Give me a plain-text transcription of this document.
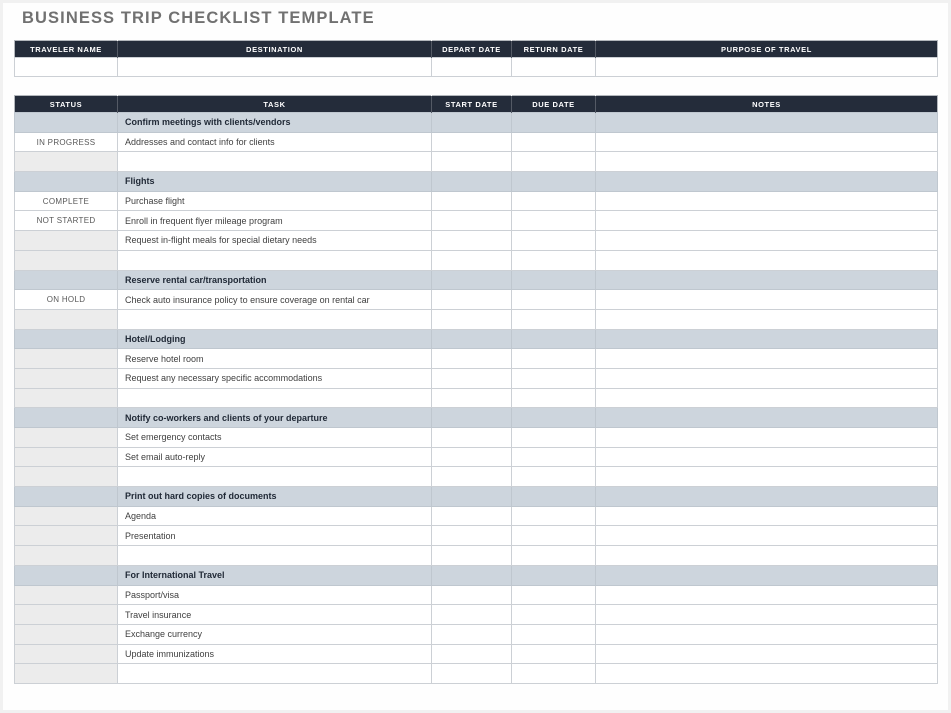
BUSINESS TRIP CHECKLIST TEMPLATE
TRAVELER NAME	DESTINATION	DEPART DATE	RETURN DATE	PURPOSE OF TRAVEL

STATUS	TASK	START DATE	DUE DATE	NOTES
	Confirm meetings with clients/vendors			
IN PROGRESS	Addresses and contact info for clients			

	Flights			
COMPLETE	Purchase flight			
NOT STARTED	Enroll in frequent flyer mileage program			
	Request in-flight meals for special dietary needs			

	Reserve rental car/transportation			
ON HOLD	Check auto insurance policy to ensure coverage on rental car			

	Hotel/Lodging			
	Reserve hotel room			
	Request any necessary specific accommodations			

	Notify co-workers and clients of your departure			
	Set emergency contacts			
	Set email auto-reply			

	Print out hard copies of documents			
	Agenda			
	Presentation			

	For International Travel			
	Passport/visa			
	Travel insurance			
	Exchange currency			
	Update immunizations			
